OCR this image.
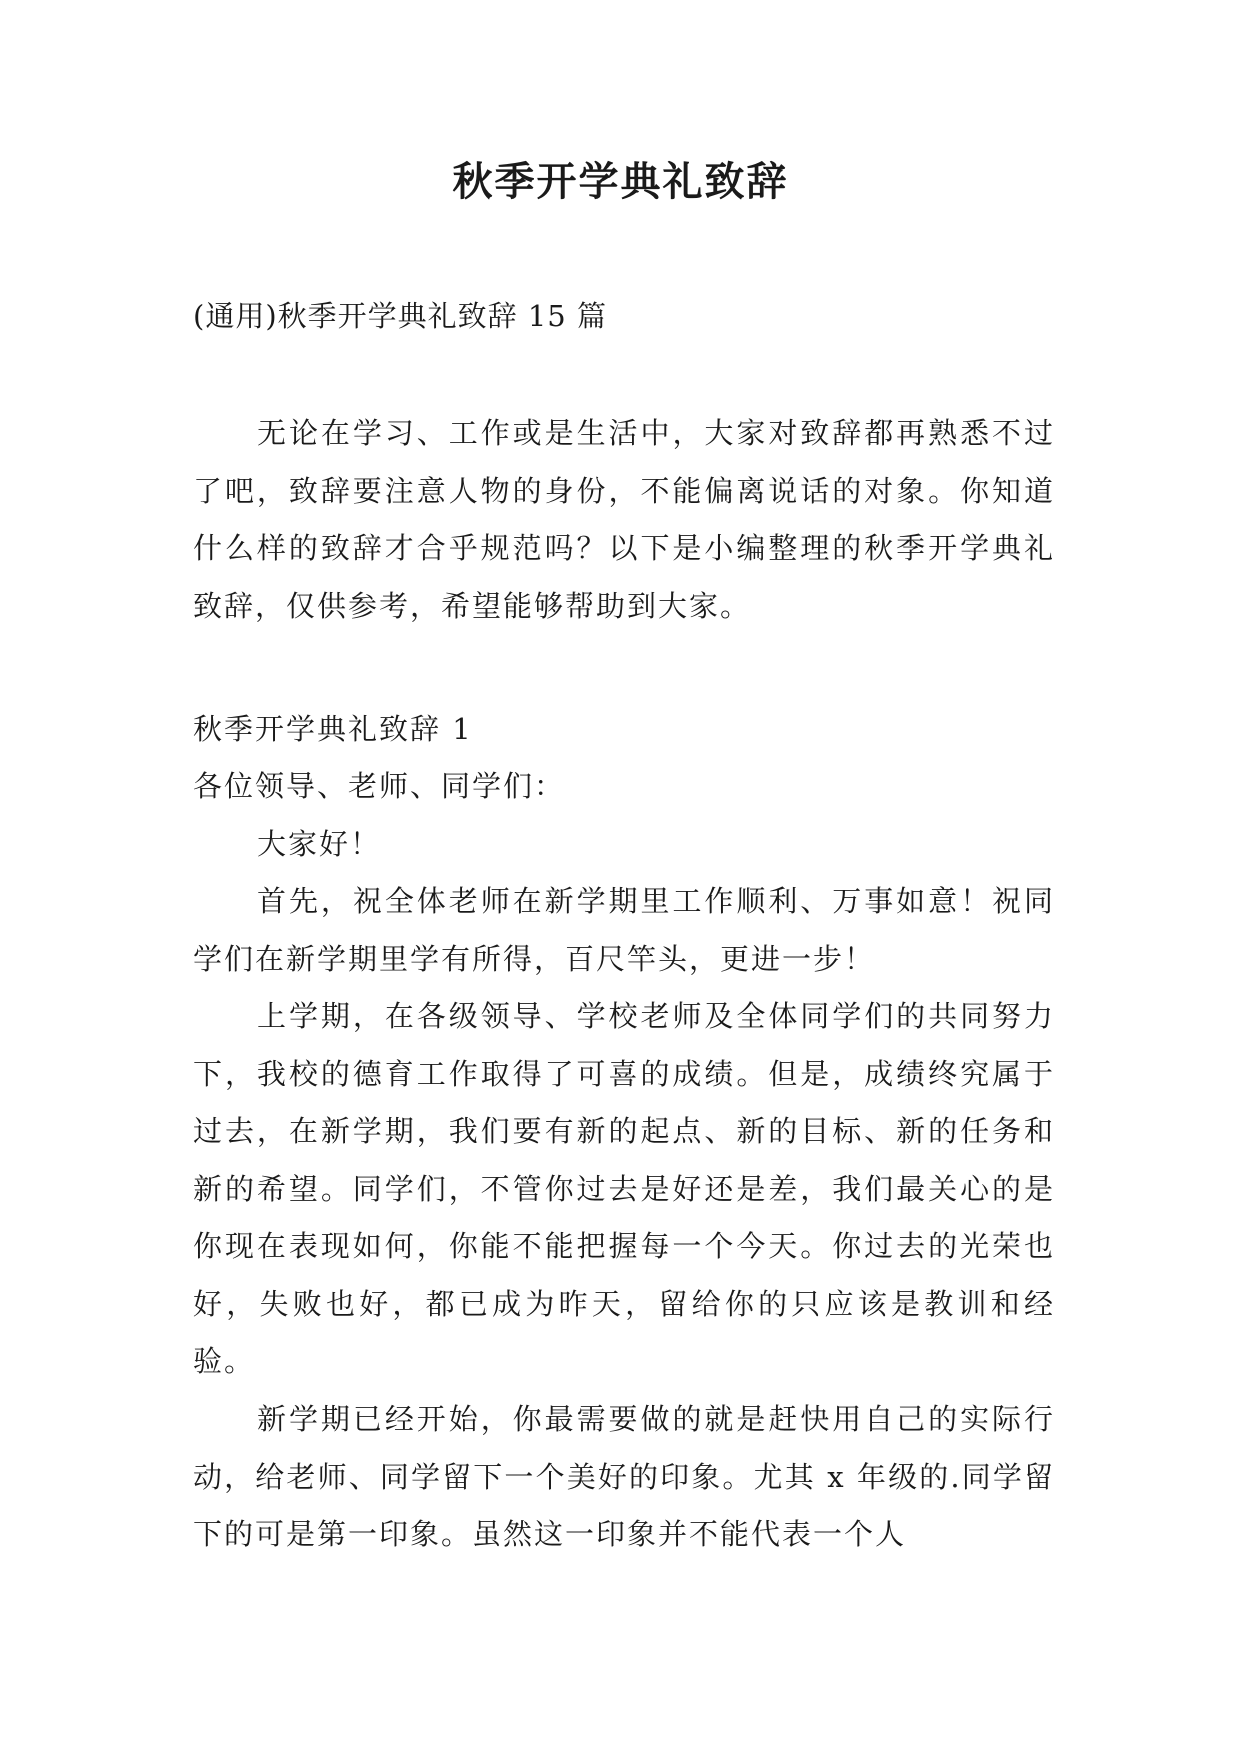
秋季开学典礼致辞
(通用)秋季开学典礼致辞 15 篇

无论在学习、工作或是生活中，大家对致辞都再熟悉不过了吧，致辞要注意人物的身份，不能偏离说话的对象。你知道什么样的致辞才合乎规范吗？以下是小编整理的秋季开学典礼致辞，仅供参考，希望能够帮助到大家。

秋季开学典礼致辞 1

各位领导、老师、同学们：

大家好！

首先，祝全体老师在新学期里工作顺利、万事如意！祝同学们在新学期里学有所得，百尺竿头，更进一步！

上学期，在各级领导、学校老师及全体同学们的共同努力下，我校的德育工作取得了可喜的成绩。但是，成绩终究属于过去，在新学期，我们要有新的起点、新的目标、新的任务和新的希望。同学们，不管你过去是好还是差，我们最关心的是你现在表现如何，你能不能把握每一个今天。你过去的光荣也好，失败也好，都已成为昨天，留给你的只应该是教训和经验。

新学期已经开始，你最需要做的就是赶快用自己的实际行动，给老师、同学留下一个美好的印象。尤其 x 年级的.同学留下的可是第一印象。虽然这一印象并不能代表一个人
